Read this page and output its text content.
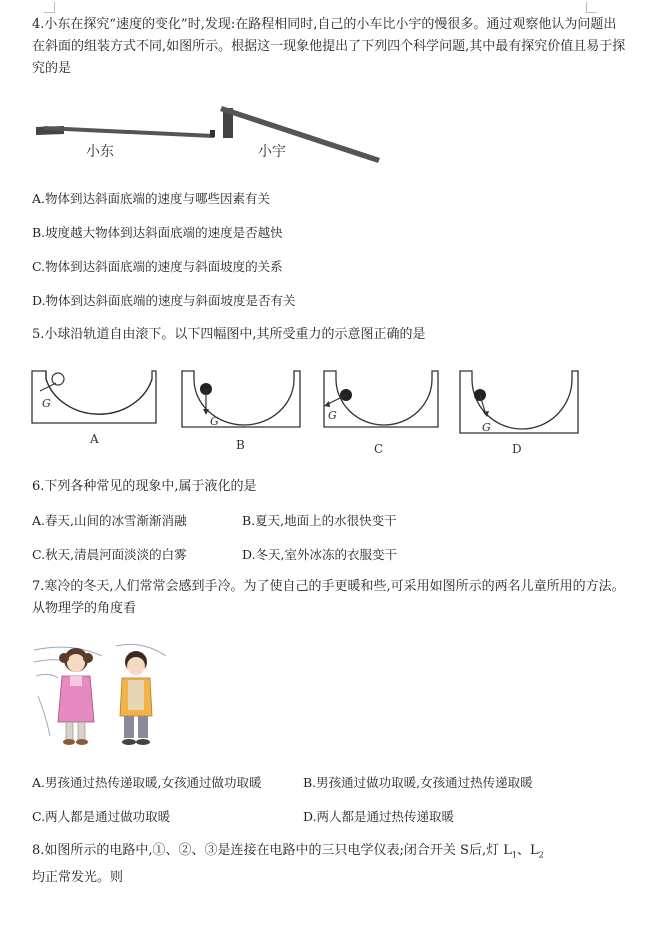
4.小东在探究“速度的变化”时,发现:在路程相同时,自己的小车比小宇的慢很多。通过观察他认为问题出在斜面的组装方式不同,如图所示。根据这一现象他提出了下列四个科学问题,其中最有探究价值且易于探究的是

小东	小宇
A.物体到达斜面底端的速度与哪些因素有关
B.坡度越大物体到达斜面底端的速度是否越快
C.物体到达斜面底端的速度与斜面坡度的关系
D.物体到达斜面底端的速度与斜面坡度是否有关

5.小球沿轨道自由滚下。以下四幅图中,其所受重力的示意图正确的是

G
A
G
B
G
C
G
D

6.下列各种常见的现象中,属于液化的是

A.春天,山间的冰雪渐渐消融	B.夏天,地面上的水很快变干
C.秋天,清晨河面淡淡的白雾	D.冬天,室外冰冻的衣服变干

7.寒冷的冬天,人们常常会感到手冷。为了使自己的手更暖和些,可采用如图所示的两名儿童所用的方法。从物理学的角度看

A.男孩通过热传递取暖,女孩通过做功取暖	B.男孩通过做功取暖,女孩通过热传递取暖
C.两人都是通过做功取暖	D.两人都是通过热传递取暖

8.如图所示的电路中,①、②、③是连接在电路中的三只电学仪表;闭合开关 S后,灯 $L_1$、$L_2$

均正常发光。则
